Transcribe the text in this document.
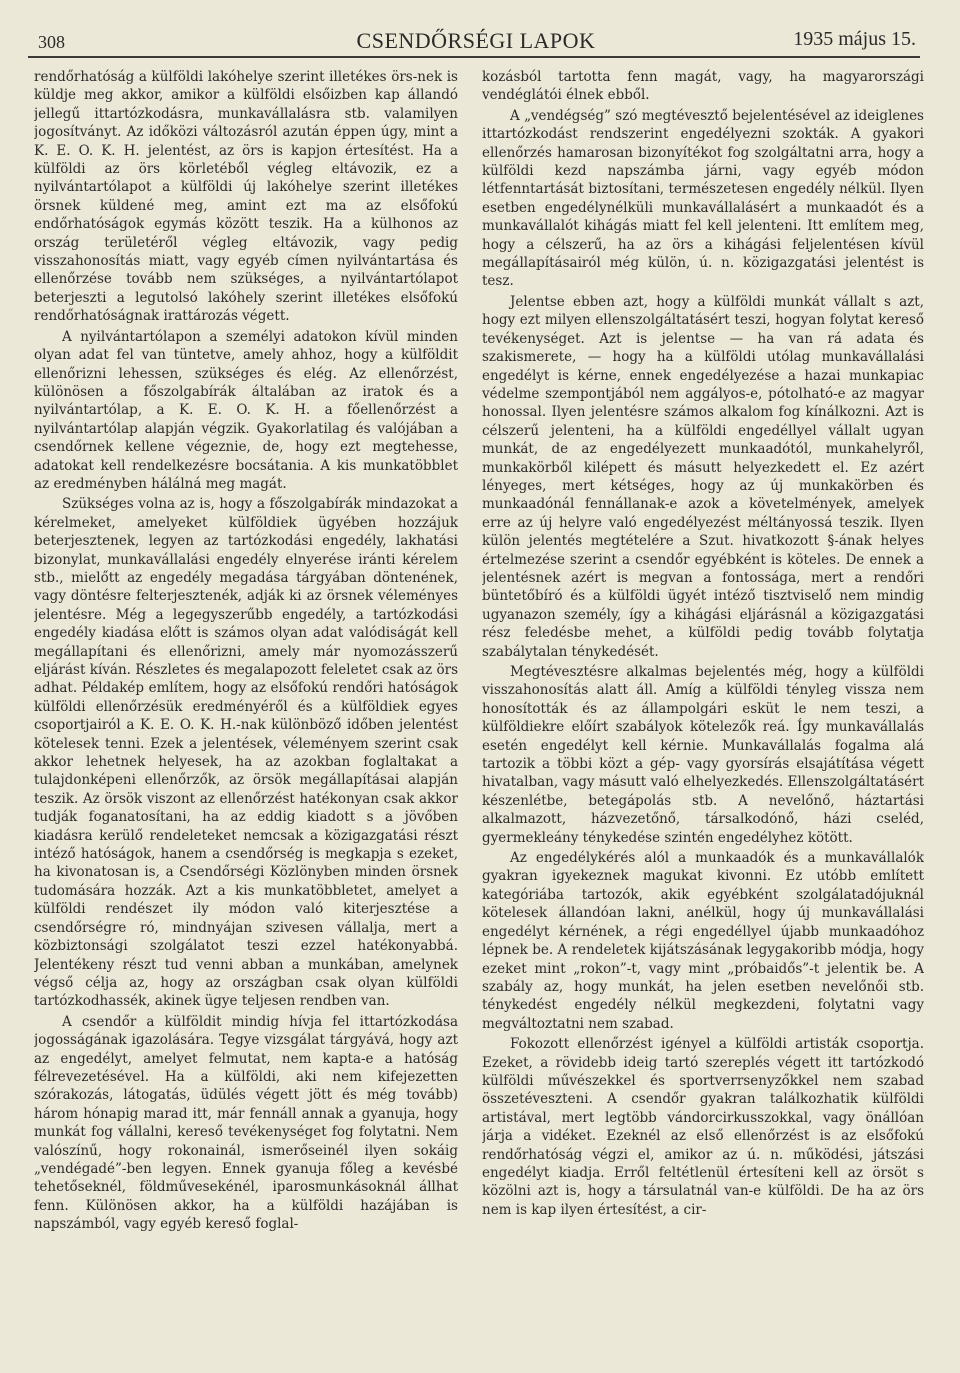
308	CSENDŐRSÉGI LAPOK	1935 május 15.

rendőrhatóság a külföldi lakóhelye szerint illetékes örs-nek is küldje meg akkor, amikor a külföldi elsőizben kap állandó jellegű ittartózkodásra, munkavállalásra stb. valamilyen jogosítványt. Az időközi változásról azután éppen úgy, mint a K. E. O. K. H. jelentést, az örs is kapjon értesítést. Ha a külföldi az örs körletéből végleg eltávozik, ez a nyilvántartólapot a külföldi új lakóhelye szerint illetékes örsnek küldené meg, amint ezt ma az elsőfokú endőrhatóságok egymás között teszik. Ha a külhonos az ország területéről végleg eltávozik, vagy pedig visszahonosítás miatt, vagy egyéb címen nyilvántartása és ellenőrzése tovább nem szükséges, a nyilvántartólapot beterjeszti a legutolsó lakóhely szerint illetékes elsőfokú rendőrhatóságnak irattározás végett.

A nyilvántartólapon a személyi adatokon kívül minden olyan adat fel van tüntetve, amely ahhoz, hogy a külföldit ellenőrizni lehessen, szükséges és elég. Az ellenőrzést, különösen a főszolgabírák általában az iratok és a nyilvántartólap, a K. E. O. K. H. a főellenőrzést a nyilvántartólap alapján végzik. Gyakorlatilag és valójában a csendőrnek kellene végeznie, de, hogy ezt megtehesse, adatokat kell rendelkezésre bocsátania. A kis munkatöbblet az eredményben hálálná meg magát.

Szükséges volna az is, hogy a főszolgabírák mindazokat a kérelmeket, amelyeket külföldiek ügyében hozzájuk beterjesztenek, legyen az tartózkodási engedély, lakhatási bizonylat, munkavállalási engedély elnyerése iránti kérelem stb., mielőtt az engedély megadása tárgyában döntenének, vagy döntésre felterjesztenék, adják ki az örsnek véleményes jelentésre. Még a legegyszerűbb engedély, a tartózkodási engedély kiadása előtt is számos olyan adat valódiságát kell megállapítani és ellenőrizni, amely már nyomozásszerű eljárást kíván. Részletes és megalapozott feleletet csak az örs adhat. Példakép említem, hogy az elsőfokú rendőri hatóságok külföldi ellenőrzésük eredményéről és a külföldiek egyes csoportjairól a K. E. O. K. H.-nak különböző időben jelentést kötelesek tenni. Ezek a jelentések, véleményem szerint csak akkor lehetnek helyesek, ha az azokban foglaltakat a tulajdonképeni ellenőrzők, az örsök megállapításai alapján teszik. Az örsök viszont az ellenőrzést hatékonyan csak akkor tudják foganatosítani, ha az eddig kiadott s a jövőben kiadásra kerülő rendeleteket nemcsak a közigazgatási részt intéző hatóságok, hanem a csendőrség is megkapja s ezeket, ha kivonatosan is, a Csendőrségi Közlönyben minden örsnek tudomására hozzák. Azt a kis munkatöbbletet, amelyet a külföldi rendészet ily módon való kiterjesztése a csendőrségre ró, mindnyájan szivesen vállalja, mert a közbiztonsági szolgálatot teszi ezzel hatékonyabbá. Jelentékeny részt tud venni abban a munkában, amelynek végső célja az, hogy az országban csak olyan külföldi tartózkodhassék, akinek ügye teljesen rendben van.

A csendőr a külföldit mindig hívja fel ittartózkodása jogosságának igazolására. Tegye vizsgálat tárgyává, hogy azt az engedélyt, amelyet felmutat, nem kapta-e a hatóság félrevezetésével. Ha a külföldi, aki nem kifejezetten szórakozás, látogatás, üdülés végett jött és még tovább) három hónapig marad itt, már fennáll annak a gyanuja, hogy munkát fog vállalni, kereső tevékenységet fog folytatni. Nem valószínű, hogy rokonainál, ismerőseinél ilyen sokáig „vendégadé”-ben legyen. Ennek gyanuja főleg a kevésbé tehetőseknél, földművesekénél, iparosmunkásoknál állhat fenn. Különösen akkor, ha a külföldi hazájában is napszámból, vagy egyéb kereső foglal-

kozásból tartotta fenn magát, vagy, ha magyarországi vendéglátói élnek ebből.

A „vendégség” szó megtévesztő bejelentésével az ideiglenes ittartózkodást rendszerint engedélyezni szokták. A gyakori ellenőrzés hamarosan bizonyítékot fog szolgáltatni arra, hogy a külföldi kezd napszámba járni, vagy egyéb módon létfenntartását biztosítani, természetesen engedély nélkül. Ilyen esetben engedélynélküli munkavállalásért a munkaadót és a munkavállalót kihágás miatt fel kell jelenteni. Itt említem meg, hogy a célszerű, ha az örs a kihágási feljelentésen kívül megállapításairól még külön, ú. n. közigazgatási jelentést is tesz.

Jelentse ebben azt, hogy a külföldi munkát vállalt s azt, hogy ezt milyen ellenszolgáltatásért teszi, hogyan folytat kereső tevékenységet. Azt is jelentse — ha van rá adata és szakismerete, — hogy ha a külföldi utólag munkavállalási engedélyt is kérne, ennek engedélyezése a hazai munkapiac védelme szempontjából nem aggályos-e, pótolható-e az magyar honossal. Ilyen jelentésre számos alkalom fog kínálkozni. Azt is célszerű jelenteni, ha a külföldi engedéllyel vállalt ugyan munkát, de az engedélyezett munkaadótól, munkahelyről, munkakörből kilépett és másutt helyezkedett el. Ez azért lényeges, mert kétséges, hogy az új munkakörben és munkaadónál fennállanak-e azok a követelmények, amelyek erre az új helyre való engedélyezést méltányossá teszik. Ilyen külön jelentés megtételére a Szut. hivatkozott §-ának helyes értelmezése szerint a csendőr egyébként is köteles. De ennek a jelentésnek azért is megvan a fontossága, mert a rendőri büntetőbíró és a külföldi ügyét intéző tisztviselő nem mindig ugyanazon személy, így a kihágási eljárásnál a közigazgatási rész feledésbe mehet, a külföldi pedig tovább folytatja szabálytalan ténykedését.

Megtévesztésre alkalmas bejelentés még, hogy a külföldi visszahonosítás alatt áll. Amíg a külföldi tényleg vissza nem honosították és az állampolgári esküt le nem teszi, a külföldiekre előírt szabályok kötelezők reá. Így munkavállalás esetén engedélyt kell kérnie. Munkavállalás fogalma alá tartozik a többi közt a gép- vagy gyorsírás elsajátítása végett hivatalban, vagy másutt való elhelyezkedés. Ellenszolgáltatásért készenlétbe, betegápolás stb. A nevelőnő, háztartási alkalmazott, házvezetőnő, társalkodónő, házi cseléd, gyermekleány ténykedése szintén engedélyhez kötött.

Az engedélykérés alól a munkaadók és a munkavállalók gyakran igyekeznek magukat kivonni. Ez utóbb említett kategóriába tartozók, akik egyébként szolgálatadójuknál kötelesek állandóan lakni, anélkül, hogy új munkavállalási engedélyt kérnének, a régi engedéllyel újabb munkaadóhoz lépnek be. A rendeletek kijátszásának legygakoribb módja, hogy ezeket mint „rokon”-t, vagy mint „próbaidős”-t jelentik be. A szabály az, hogy munkát, ha jelen esetben nevelőnői stb. ténykedést engedély nélkül megkezdeni, folytatni vagy megváltoztatni nem szabad.

Fokozott ellenőrzést igényel a külföldi artisták csoportja. Ezeket, a rövidebb ideig tartó szereplés végett itt tartózkodó külföldi művészekkel és sportverrsenyzőkkel nem szabad összetéveszteni. A csendőr gyakran találkozhatik külföldi artistával, mert legtöbb vándorcirkusszokkal, vagy önállóan járja a vidéket. Ezeknél az első ellenőrzést is az elsőfokú rendőrhatóság végzi el, amikor az ú. n. működési, játszási engedélyt kiadja. Erről feltétlenül értesíteni kell az örsöt s közölni azt is, hogy a társulatnál van-e külföldi. De ha az örs nem is kap ilyen értesítést, a cir-
